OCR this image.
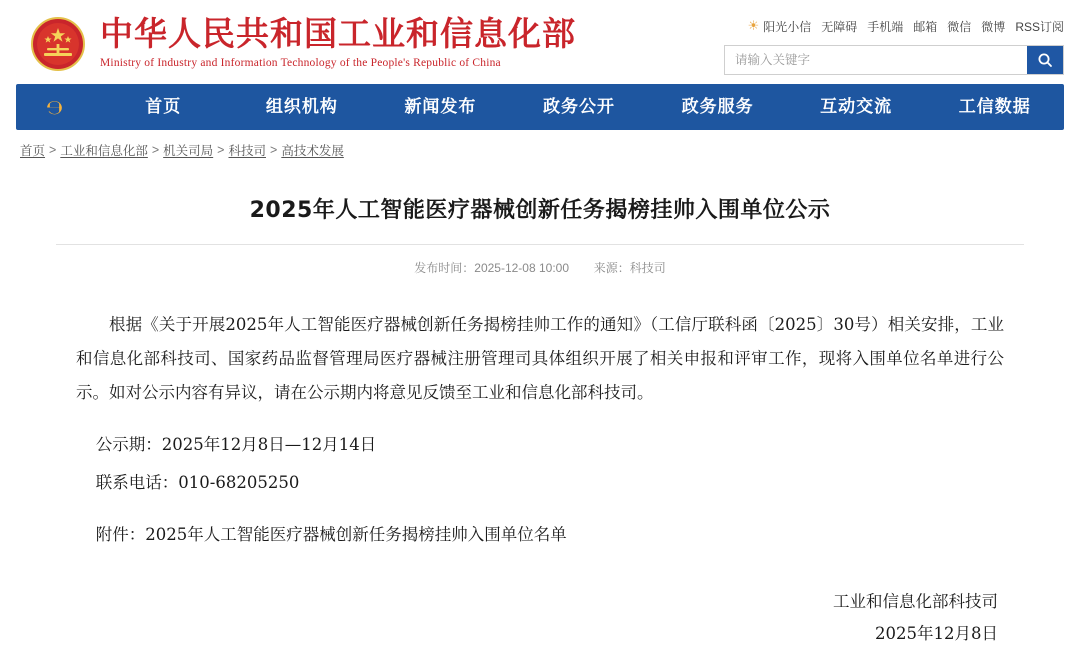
中华人民共和国工业和信息化部
Ministry of Industry and Information Technology of the People's Republic of China
☀ 阳光小信 无障碍 手机端 邮箱 微信 微博 RSS订阅
请输入关键字
℮	首页	组织机构	新闻发布	政务公开	政务服务	互动交流	工信数据
首页 > 工业和信息化部 > 机关司局 > 科技司 > 高技术发展
2025年人工智能医疗器械创新任务揭榜挂帅入围单位公示
发布时间：2025-12-08 10:00 来源：科技司

根据《关于开展2025年人工智能医疗器械创新任务揭榜挂帅工作的通知》（工信厅联科函〔2025〕30号）相关安排，工业和信息化部科技司、国家药品监督管理局医疗器械注册管理司具体组织开展了相关申报和评审工作，现将入围单位名单进行公示。如对公示内容有异议，请在公示期内将意见反馈至工业和信息化部科技司。

公示期：2025年12月8日—12月14日

联系电话：010-68205250

附件：2025年人工智能医疗器械创新任务揭榜挂帅入围单位名单

工业和信息化部科技司
2025年12月8日
